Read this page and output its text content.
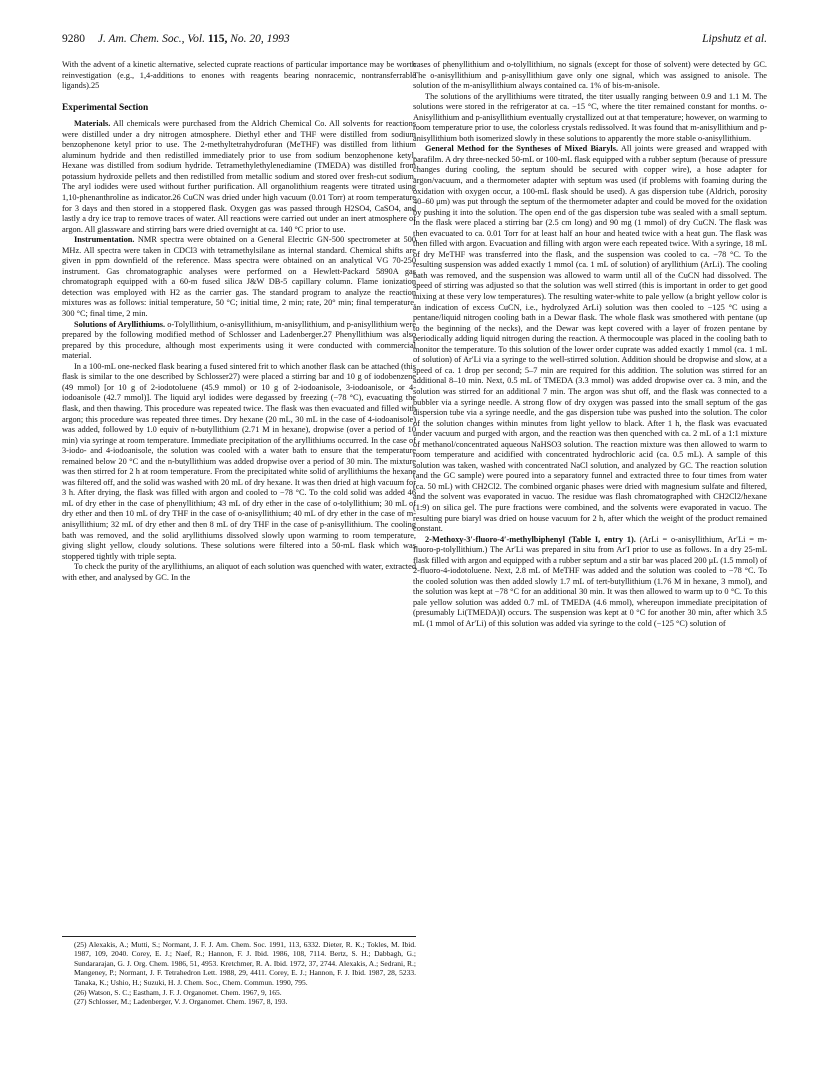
9280 J. Am. Chem. Soc., Vol. 115, No. 20, 1993	Lipshutz et al.

With the advent of a kinetic alternative, selected cuprate reactions of particular importance may be worth reinvestigation (e.g., 1,4-additions to enones with reagents bearing nonracemic, nontransferrable ligands).25

Experimental Section

Materials. All chemicals were purchased from the Aldrich Chemical Co. All solvents for reactions were distilled under a dry nitrogen atmosphere. Diethyl ether and THF were distilled from sodium benzophenone ketyl prior to use. The 2-methyltetrahydrofuran (MeTHF) was distilled from lithium aluminum hydride and then redistilled immediately prior to use from sodium benzophenone ketyl. Hexane was distilled from sodium hydride. Tetramethylethylenediamine (TMEDA) was distilled from potassium hydroxide pellets and then redistilled from metallic sodium and stored over fresh-cut sodium. The aryl iodides were used without further purification. All organolithium reagents were titrated using 1,10-phenanthroline as indicator.26 CuCN was dried under high vacuum (0.01 Torr) at room temperature for 3 days and then stored in a stoppered flask. Oxygen gas was passed through H2SO4, CaSO4, and lastly a dry ice trap to remove traces of water. All reactions were carried out under an inert atmosphere of argon. All glassware and stirring bars were dried overnight at ca. 140 °C prior to use.

Instrumentation. NMR spectra were obtained on a General Electric GN-500 spectrometer at 500 MHz. All spectra were taken in CDCl3 with tetramethylsilane as internal standard. Chemical shifts are given in ppm downfield of the reference. Mass spectra were obtained on an analytical VG 70-250 instrument. Gas chromatographic analyses were performed on a Hewlett-Packard 5890A gas chromatograph equipped with a 60-m fused silica J&W DB-5 capillary column. Flame ionization detection was employed with H2 as the carrier gas. The standard program to analyze the reaction mixtures was as follows: initial temperature, 50 °C; initial time, 2 min; rate, 20° min; final temperature, 300 °C; final time, 2 min.

Solutions of Aryllithiums. o-Tolyllithium, o-anisyllithium, m-anisyllithium, and p-anisyllithium were prepared by the following modified method of Schlosser and Ladenberger.27 Phenyllithium was also prepared by this procedure, although most experiments using it were conducted with commercial material.

In a 100-mL one-necked flask bearing a fused sintered frit to which another flask can be attached (this flask is similar to the one described by Schlosser27) were placed a stirring bar and 10 g of iodobenzene (49 mmol) [or 10 g of 2-iodotoluene (45.9 mmol) or 10 g of 2-iodoanisole, 3-iodoanisole, or 4-iodoanisole (42.7 mmol)]. The liquid aryl iodides were degassed by freezing (−78 °C), evacuating the flask, and then thawing. This procedure was repeated twice. The flask was then evacuated and filled with argon; this procedure was repeated three times. Dry hexane (20 mL, 30 mL in the case of 4-iodoanisole) was added, followed by 1.0 equiv of n-butyllithium (2.71 M in hexane), dropwise (over a period of 10 min) via syringe at room temperature. Immediate precipitation of the aryllithiums occurred. In the case of 3-iodo- and 4-iodoanisole, the solution was cooled with a water bath to ensure that the temperature remained below 20 °C and the n-butyllithium was added dropwise over a period of 30 min. The mixture was then stirred for 2 h at room temperature. From the precipitated white solid of aryllithiums the hexane was filtered off, and the solid was washed with 20 mL of dry hexane. It was then dried at high vacuum for 3 h. After drying, the flask was filled with argon and cooled to −78 °C. To the cold solid was added 46 mL of dry ether in the case of phenyllithium; 43 mL of dry ether in the case of o-tolyllithium; 30 mL of dry ether and then 10 mL of dry THF in the case of o-anisyllithium; 40 mL of dry ether in the case of m-anisyllithium; 32 mL of dry ether and then 8 mL of dry THF in the case of p-anisyllithium. The cooling bath was removed, and the solid aryllithiums dissolved slowly upon warming to room temperature, giving slight yellow, cloudy solutions. These solutions were filtered into a 50-mL flask which was stoppered tightly with triple septa.

To check the purity of the aryllithiums, an aliquot of each solution was quenched with water, extracted with ether, and analysed by GC. In the

(25) Alexakis, A.; Mutti, S.; Normant, J. F. J. Am. Chem. Soc. 1991, 113, 6332. Dieter, R. K.; Tokles, M. Ibid. 1987, 109, 2040. Corey, E. J.; Naef, R.; Hannon, F. J. Ibid. 1986, 108, 7114. Bertz, S. H.; Dabbagh, G.; Sundararajan, G. J. Org. Chem. 1986, 51, 4953. Kretchmer, R. A. Ibid. 1972, 37, 2744. Alexakis, A.; Sedrani, R.; Mangeney, P.; Normant, J. F. Tetrahedron Lett. 1988, 29, 4411. Corey, E. J.; Hannon, F. J. Ibid. 1987, 28, 5233. Tanaka, K.; Ushio, H.; Suzuki, H. J. Chem. Soc., Chem. Commun. 1990, 795.

(26) Watson, S. C.; Eastham, J. F. J. Organomet. Chem. 1967, 9, 165.

(27) Schlosser, M.; Ladenberger, V. J. Organomet. Chem. 1967, 8, 193.

cases of phenyllithium and o-tolyllithium, no signals (except for those of solvent) were detected by GC. The o-anisyllithium and p-anisyllithium gave only one signal, which was assigned to anisole. The solution of the m-anisyllithium always contained ca. 1% of bis-m-anisole.

The solutions of the aryllithiums were titrated, the titer usually ranging between 0.9 and 1.1 M. The solutions were stored in the refrigerator at ca. −15 °C, where the titer remained constant for months. o-Anisyllithium and p-anisyllithium eventually crystallized out at that temperature; however, on warming to room temperature prior to use, the colorless crystals redissolved. It was found that m-anisyllithium and p-anisyllithium both isomerized slowly in these solutions to apparently the more stable o-anisyllithium.

General Method for the Syntheses of Mixed Biaryls. All joints were greased and wrapped with parafilm. A dry three-necked 50-mL or 100-mL flask equipped with a rubber septum (because of pressure changes during cooling, the septum should be secured with copper wire), a hose adapter for argon/vacuum, and a thermometer adapter with septum was used (if problems with foaming during the oxidation with oxygen occur, a 100-mL flask should be used). A gas dispersion tube (Aldrich, porosity 40–60 μm) was put through the septum of the thermometer adapter and could be moved for the oxidation by pushing it into the solution. The open end of the gas dispersion tube was sealed with a small septum. In the flask were placed a stirring bar (2.5 cm long) and 90 mg (1 mmol) of dry CuCN. The flask was then evacuated to ca. 0.01 Torr for at least half an hour and heated twice with a heat gun. The flask was then filled with argon. Evacuation and filling with argon were each repeated twice. With a syringe, 18 mL of dry MeTHF was transferred into the flask, and the suspension was cooled to ca. −78 °C. To the resulting suspension was added exactly 1 mmol (ca. 1 mL of solution) of aryllithium (ArLi). The cooling bath was removed, and the suspension was allowed to warm until all of the CuCN had dissolved. The speed of stirring was adjusted so that the solution was well stirred (this is important in order to get good mixing at these very low temperatures). The resulting water-white to pale yellow (a bright yellow color is an indication of excess CuCN, i.e., hydrolyzed ArLi) solution was then cooled to −125 °C using a pentane/liquid nitrogen cooling bath in a Dewar flask. The whole flask was smothered with pentane (up to the beginning of the necks), and the Dewar was kept covered with a layer of frozen pentane by periodically adding liquid nitrogen during the reaction. A thermocouple was placed in the cooling bath to monitor the temperature. To this solution of the lower order cuprate was added exactly 1 mmol (ca. 1 mL of solution) of Ar′Li via a syringe to the well-stirred solution. Addition should be dropwise and slow, at a speed of ca. 1 drop per second; 5–7 min are required for this addition. The solution was stirred for an additional 8–10 min. Next, 0.5 mL of TMEDA (3.3 mmol) was added dropwise over ca. 3 min, and the solution was stirred for an additional 7 min. The argon was shut off, and the flask was connected to a bubbler via a syringe needle. A strong flow of dry oxygen was passed into the small septum of the gas dispersion tube via a syringe needle, and the gas dispersion tube was pushed into the solution. The color of the solution changes within minutes from light yellow to black. After 1 h, the flask was evacuated under vacuum and purged with argon, and the reaction was then quenched with ca. 2 mL of a 1:1 mixture of methanol/concentrated aqueous NaHSO3 solution. The reaction mixture was then allowed to warm to room temperature and acidified with concentrated hydrochloric acid (ca. 0.5 mL). A sample of this solution was taken, washed with concentrated NaCl solution, and analyzed by GC. The reaction solution (and the GC sample) were poured into a separatory funnel and extracted three to four times from water (ca. 50 mL) with CH2Cl2. The combined organic phases were dried with magnesium sulfate and filtered, and the solvent was evaporated in vacuo. The residue was flash chromatographed with CH2Cl2/hexane (1:9) on silica gel. The pure fractions were combined, and the solvents were evaporated in vacuo. The resulting pure biaryl was dried on house vacuum for 2 h, after which the weight of the product remained constant.

2-Methoxy-3′-fluoro-4′-methylbiphenyl (Table I, entry 1). (ArLi = o-anisyllithium, Ar′Li = m-fluoro-p-tolyllithium.) The Ar′Li was prepared in situ from Ar′I prior to use as follows. In a dry 25-mL flask filled with argon and equipped with a rubber septum and a stir bar was placed 200 μL (1.5 mmol) of 2-fluoro-4-iodotoluene. Next, 2.8 mL of MeTHF was added and the solution was cooled to −78 °C. To the cooled solution was then added slowly 1.7 mL of tert-butyllithium (1.76 M in hexane, 3 mmol), and the solution was kept at −78 °C for an additional 30 min. It was then allowed to warm up to 0 °C. To this pale yellow solution was added 0.7 mL of TMEDA (4.6 mmol), whereupon immediate precipitation of (presumably Li(TMEDA)I) occurs. The suspension was kept at 0 °C for another 30 min, after which 3.5 mL (1 mmol of Ar′Li) of this solution was added via syringe to the cold (−125 °C) solution of
